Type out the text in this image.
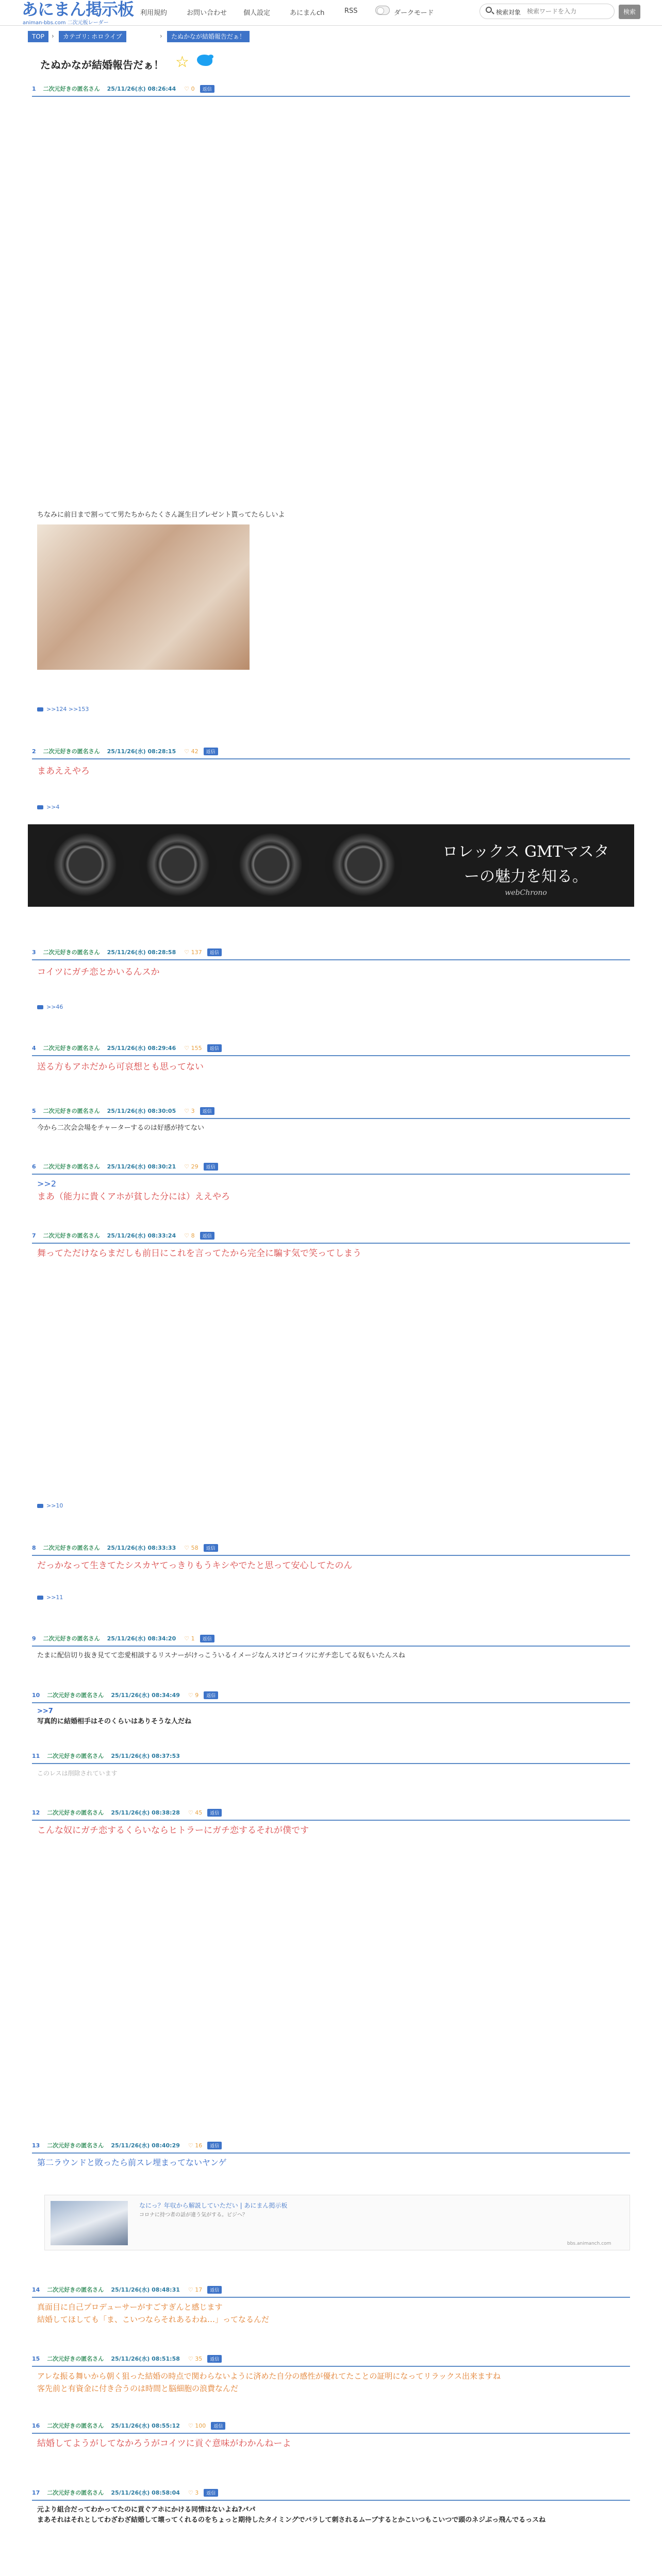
あにまん掲示板
animan-bbs.com 二次元板レーダー
利用規約	お問い合わせ 個人設定	あにまんch	RSS	ダークモード	検索対象
検索ワードを入力	検索
TOP	›	カテゴリ: ホロライブ	›	たぬかなが結婚報告だぁ！
たぬかなが結婚報告だぁ！ ☆
1 二次元好きの匿名さん 25/11/26(水) 08:26:44 ♡ 0 返信
ちなみに前日まで割ってて男たちからたくさん誕生日プレゼント貰ってたらしいよ
>>124 >>153
2 二次元好きの匿名さん 25/11/26(水) 08:28:15 ♡ 42 返信
まあええやろ
>>4
ロレックス GMTマスターの魅力を知る。
webChrono
3 二次元好きの匿名さん 25/11/26(水) 08:28:58 ♡ 137 返信
コイツにガチ恋とかいるんスか
>>46
4 二次元好きの匿名さん 25/11/26(水) 08:29:46 ♡ 155 返信
送る方もアホだから可哀想とも思ってない
5 二次元好きの匿名さん 25/11/26(水) 08:30:05 ♡ 3 返信
今から二次会会場をチャーターするのは好感が持てない
6 二次元好きの匿名さん 25/11/26(水) 08:30:21 ♡ 29 返信
>>2
まあ（能力に貴くアホが貧した分には）ええやろ
7 二次元好きの匿名さん 25/11/26(水) 08:33:24 ♡ 8 返信
舞ってただけならまだしも前日にこれを言ってたから完全に騙す気で笑ってしまう
>>10
8 二次元好きの匿名さん 25/11/26(水) 08:33:33 ♡ 58 返信
だっかなって生きてたシスカヤてっきりもうキシやでたと思って安心してたのん
>>11
9 二次元好きの匿名さん 25/11/26(水) 08:34:20 ♡ 1 返信
たまに配信切り抜き見てて恋愛相談するリスナーがけっこういるイメージなんスけどコイツにガチ恋してる奴もいたんスね
10 二次元好きの匿名さん 25/11/26(水) 08:34:49 ♡ 9 返信
>>7
写真的に結婚相手はそのくらいはありそうな人だね
11 二次元好きの匿名さん 25/11/26(水) 08:37:53
このレスは削除されています
12 二次元好きの匿名さん 25/11/26(水) 08:38:28 ♡ 45 返信
こんな奴にガチ恋するくらいならヒトラーにガチ恋するそれが僕です
13 二次元好きの匿名さん 25/11/26(水) 08:40:29 ♡ 16 返信
第二ラウンドと敗ったら前スレ埋まってないヤンゲ
なにっ？年収から解説していただい | あにまん掲示板
コロナに持つ者の話が違う気がする。ビジヘ？
bbs.animanch.com
14 二次元好きの匿名さん 25/11/26(水) 08:48:31 ♡ 17 返信
真面目に自己プロデューサーがすごすぎんと感じます
結婚してほしても「ま、こいつならそれあるわね…」ってなるんだ
15 二次元好きの匿名さん 25/11/26(水) 08:51:58 ♡ 35 返信
アレな振る舞いから朝く狙った結婚の時点で関わらないように済めた自分の感性が優れてたことの証明になってリラックス出来ますね
客先前と有資金に付き合うのは時間と脳細胞の浪費なんだ
16 二次元好きの匿名さん 25/11/26(水) 08:55:12 ♡ 100 返信
結婚してようがしてなかろうがコイツに貢ぐ意味がわかんねーよ
17 二次元好きの匿名さん 25/11/26(水) 08:58:04 ♡ 3 返信
元より組合だってわかってたのに貢ぐアホにかける同情はないよね?パパ
まあそれはそれとしてわざわざ結婚して壊ってくれるのをちょっと期待したタイミングでバラして刺されるムーブするとかこいつもこいつで頭のネジぶっ飛んでるっスね
